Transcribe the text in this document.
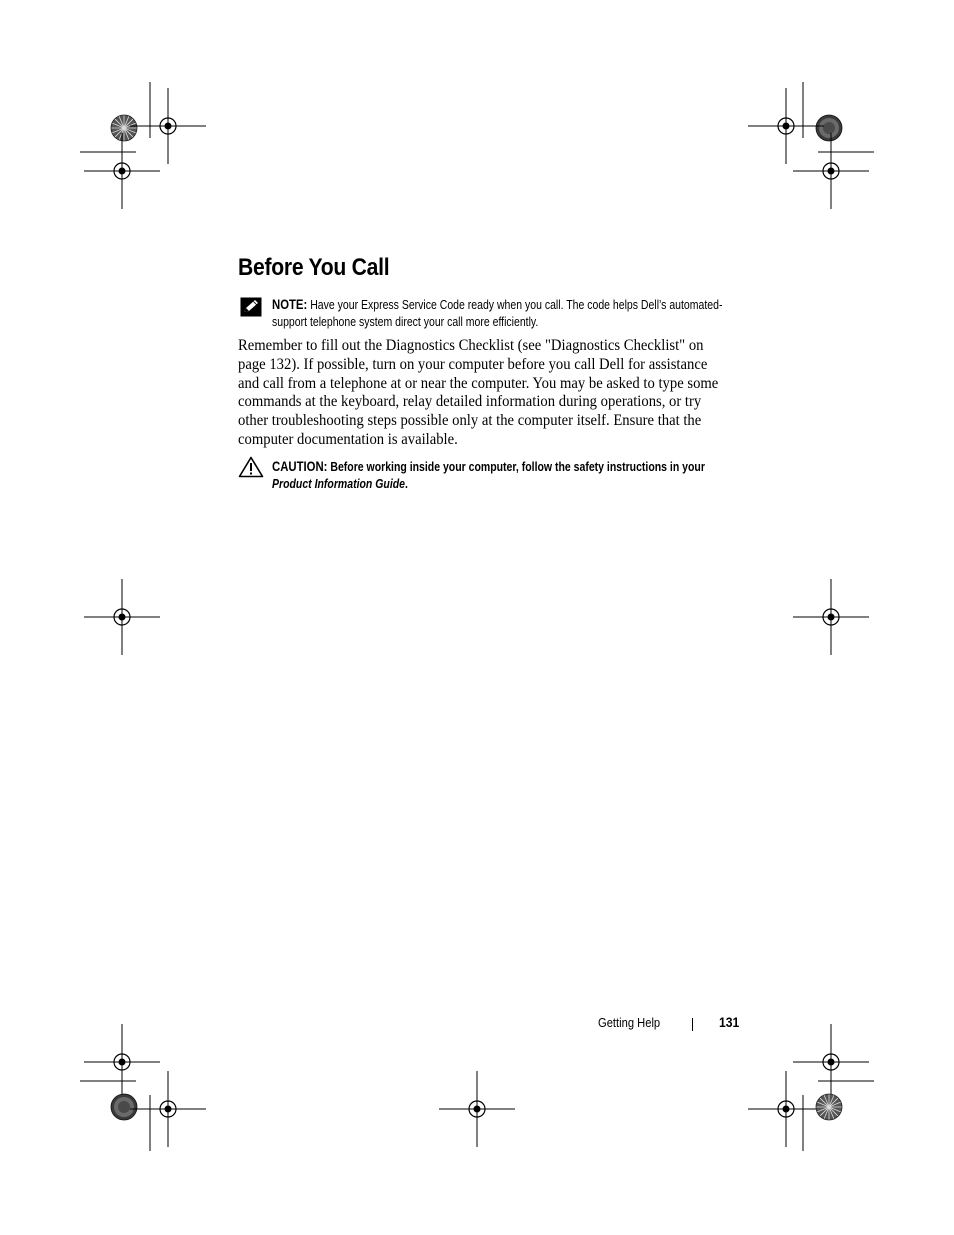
Before You Call
NOTE: Have your Express Service Code ready when you call. The code helps Dell’s automated-support telephone system direct your call more efficiently.

Remember to fill out the Diagnostics Checklist (see "Diagnostics Checklist" on page 132). If possible, turn on your computer before you call Dell for assistance and call from a telephone at or near the computer. You may be asked to type some commands at the keyboard, relay detailed information during operations, or try other troubleshooting steps possible only at the computer itself. Ensure that the computer documentation is available.

CAUTION: Before working inside your computer, follow the safety instructions in your Product Information Guide.
Getting Help	131
